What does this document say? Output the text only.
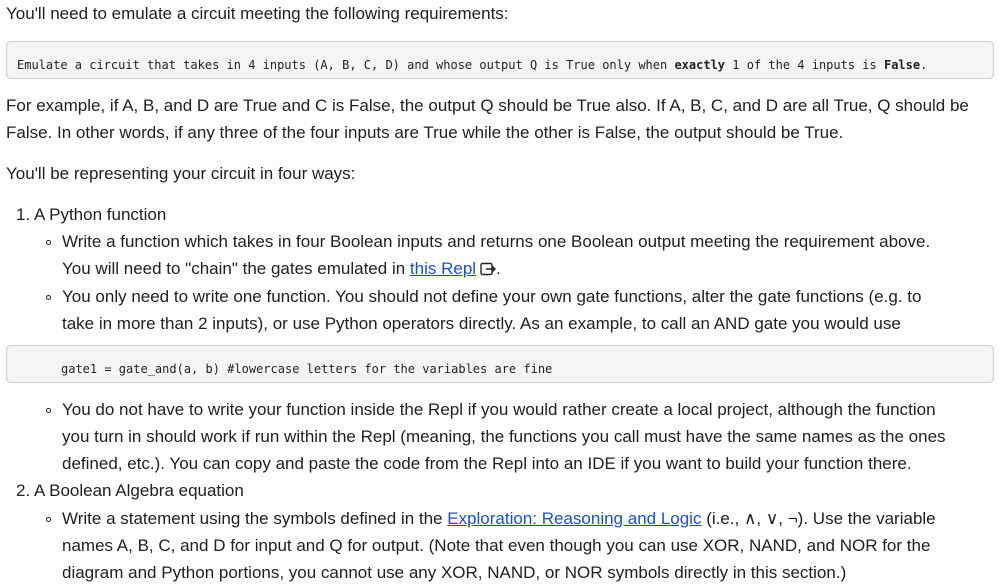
You'll need to emulate a circuit meeting the following requirements:

Emulate a circuit that takes in 4 inputs (A, B, C, D) and whose output Q is True only when exactly 1 of the 4 inputs is False.

For example, if A, B, and D are True and C is False, the output Q should be True also. If A, B, C, and D are all True, Q should be

False. In other words, if any three of the four inputs are True while the other is False, the output should be True.

You'll be representing your circuit in four ways:

1. A Python function

Write a function which takes in four Boolean inputs and returns one Boolean output meeting the requirement above.

You will need to "chain" the gates emulated in this Repl .

You only need to write one function. You should not define your own gate functions, alter the gate functions (e.g. to

take in more than 2 inputs), or use Python operators directly. As an example, to call an AND gate you would use

gate1 = gate_and(a, b) #lowercase letters for the variables are fine

You do not have to write your function inside the Repl if you would rather create a local project, although the function

you turn in should work if run within the Repl (meaning, the functions you call must have the same names as the ones

defined, etc.). You can copy and paste the code from the Repl into an IDE if you want to build your function there.

2. A Boolean Algebra equation

Write a statement using the symbols defined in the Exploration: Reasoning and Logic (i.e., ∧, ∨, ¬). Use the variable

names A, B, C, and D for input and Q for output. (Note that even though you can use XOR, NAND, and NOR for the

diagram and Python portions, you cannot use any XOR, NAND, or NOR symbols directly in this section.)
